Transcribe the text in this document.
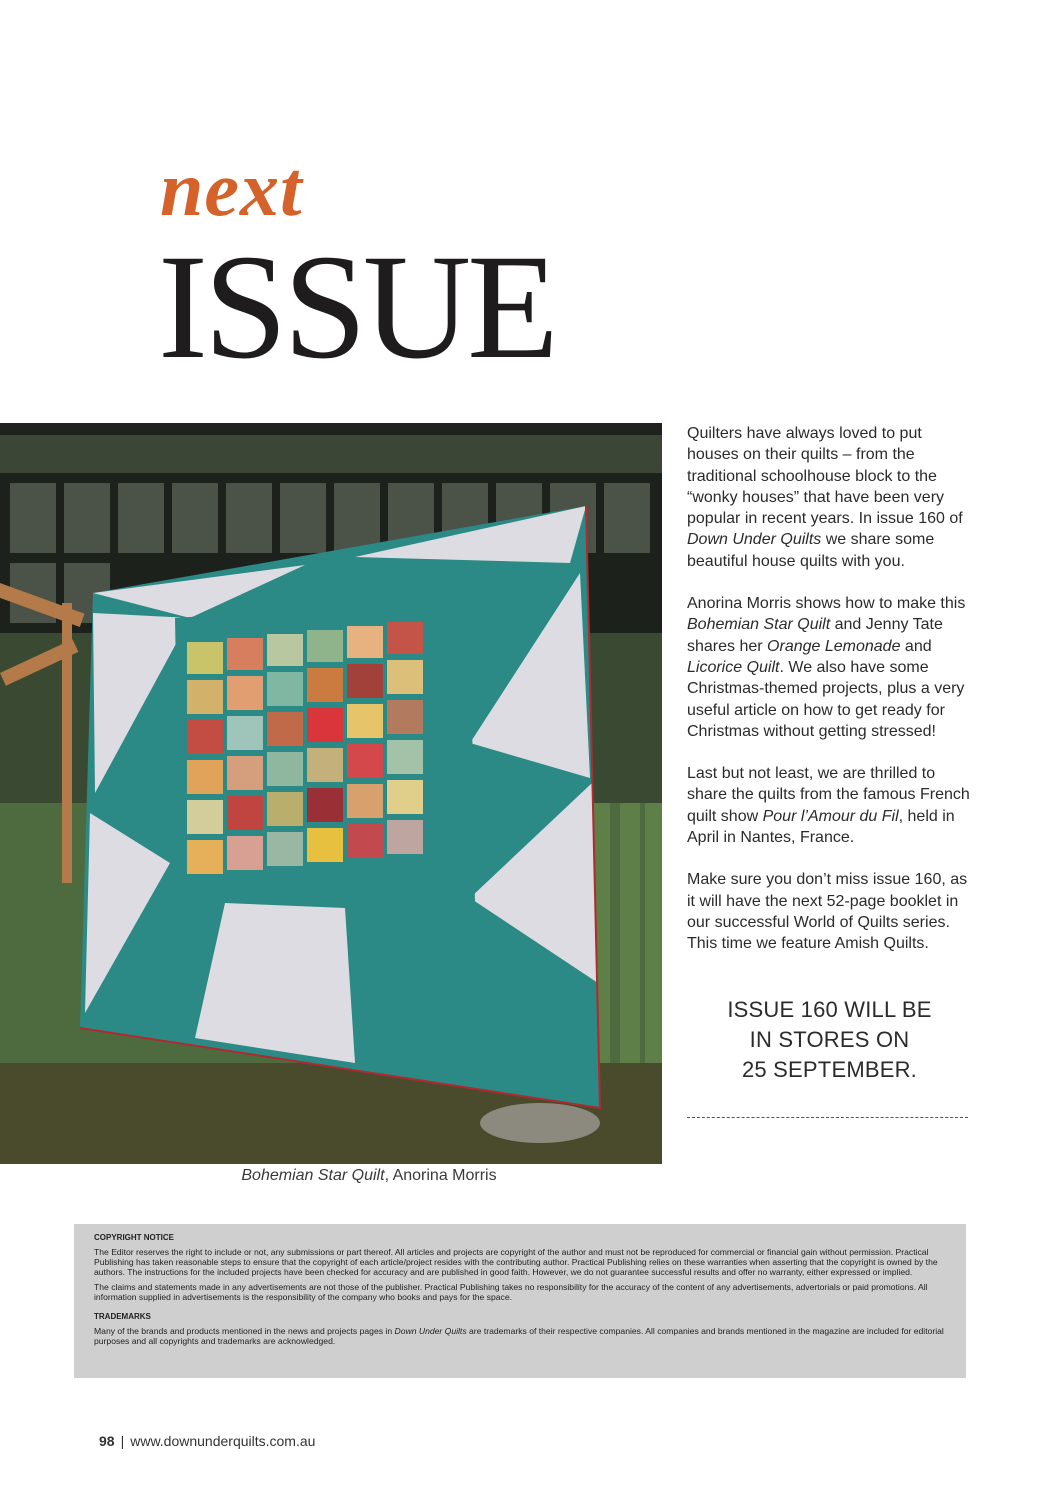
next
ISSUE
Bohemian Star Quilt, Anorina Morris

Quilters have always loved to put houses on their quilts – from the traditional schoolhouse block to the “wonky houses” that have been very popular in recent years. In issue 160 of Down Under Quilts we share some beautiful house quilts with you.

Anorina Morris shows how to make this Bohemian Star Quilt and Jenny Tate shares her Orange Lemonade and Licorice Quilt. We also have some Christmas-themed projects, plus a very useful article on how to get ready for Christmas without getting stressed!

Last but not least, we are thrilled to share the quilts from the famous French quilt show Pour l’Amour du Fil, held in April in Nantes, France.

Make sure you don’t miss issue 160, as it will have the next 52-page booklet in our successful World of Quilts series. This time we feature Amish Quilts.

ISSUE 160 WILL BE
IN STORES ON
25 SEPTEMBER.
COPYRIGHT NOTICE

The Editor reserves the right to include or not, any submissions or part thereof. All articles and projects are copyright of the author and must not be reproduced for commercial or financial gain without permission. Practical Publishing has taken reasonable steps to ensure that the copyright of each article/project resides with the contributing author. Practical Publishing relies on these warranties when asserting that the copyright is owned by the authors. The instructions for the included projects have been checked for accuracy and are published in good faith. However, we do not guarantee successful results and offer no warranty, either expressed or implied.

The claims and statements made in any advertisements are not those of the publisher. Practical Publishing takes no responsibility for the accuracy of the content of any advertisements, advertorials or paid promotions. All information supplied in advertisements is the responsibility of the company who books and pays for the space.

TRADEMARKS

Many of the brands and products mentioned in the news and projects pages in Down Under Quilts are trademarks of their respective companies. All companies and brands mentioned in the magazine are included for editorial purposes and all copyrights and trademarks are acknowledged.

98 | www.downunderquilts.com.au
